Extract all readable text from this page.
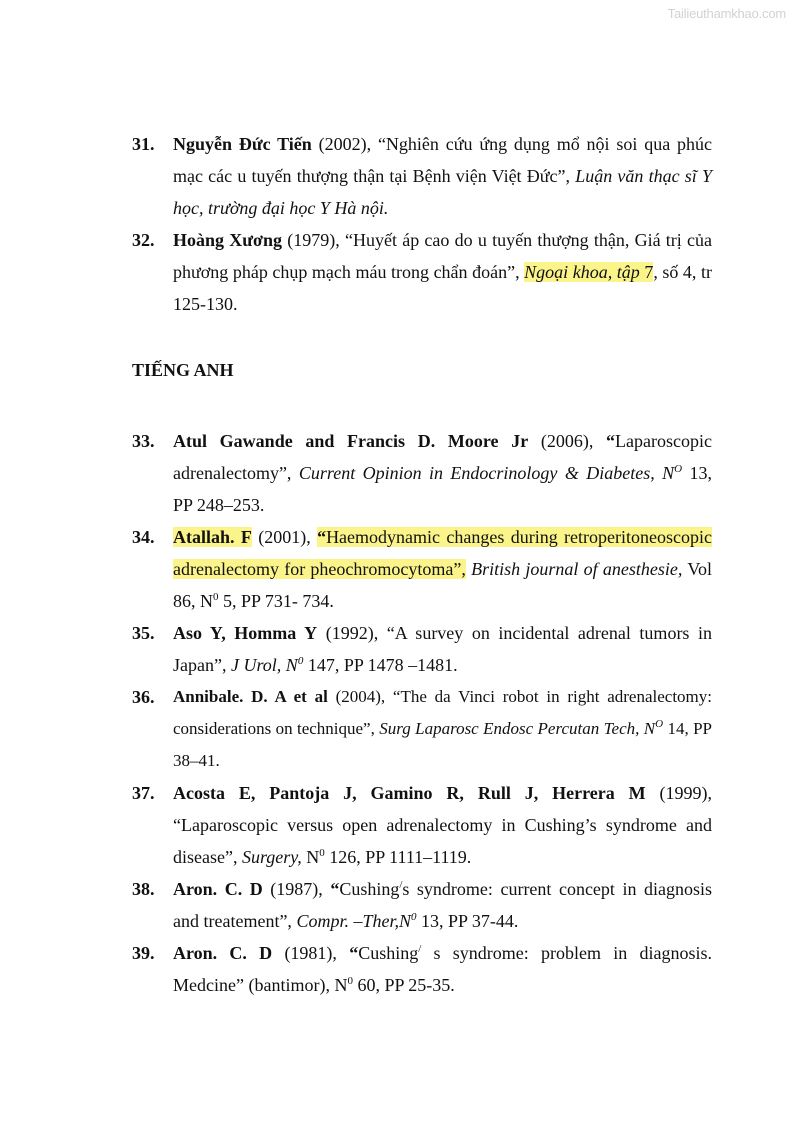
Tailieuthamkhao.com
31. Nguyễn Đức Tiến (2002), “Nghiên cứu ứng dụng mổ nội soi qua phúc mạc các u tuyến thượng thận tại Bệnh viện Việt Đức”, Luận văn thạc sĩ Y học, trường đại học Y Hà nội.
32. Hoàng Xương (1979), “Huyết áp cao do u tuyến thượng thận, Giá trị của phương pháp chụp mạch máu trong chẩn đoán”, Ngoại khoa, tập 7, số 4, tr 125-130.
TIẾNG ANH
33. Atul Gawande and Francis D. Moore Jr (2006), “Laparoscopic adrenalectomy”, Current Opinion in Endocrinology & Diabetes, $N^O$ 13, PP 248–253.
34. Atallah. F (2001), “Haemodynamic changes during retroperitoneoscopic adrenalectomy for pheochromocytoma”, British journal of anesthesie, Vol 86, $N^0$ 5, PP 731- 734.
35. Aso Y, Homma Y (1992), “A survey on incidental adrenal tumors in Japan”, J Urol, $N^0$ 147, PP 1478 –1481.
36. Annibale. D. A et al (2004), “The da Vinci robot in right adrenalectomy: considerations on technique”, Surg Laparosc Endosc Percutan Tech, $N^O$ 14, PP 38–41.
37. Acosta E, Pantoja J, Gamino R, Rull J, Herrera M (1999), “Laparoscopic versus open adrenalectomy in Cushing’s syndrome and disease”, Surgery, $N^0$ 126, PP 1111–1119.
38. Aron. C. D (1987), “Cushing/s syndrome: current concept in diagnosis and treatement”, Compr. $-Ther,N^0$ 13, PP 37-44.
39. Aron. C. D (1981), “Cushing/ s syndrome: problem in diagnosis. Medcine” (bantimor), $N^0$ 60, PP 25-35.
